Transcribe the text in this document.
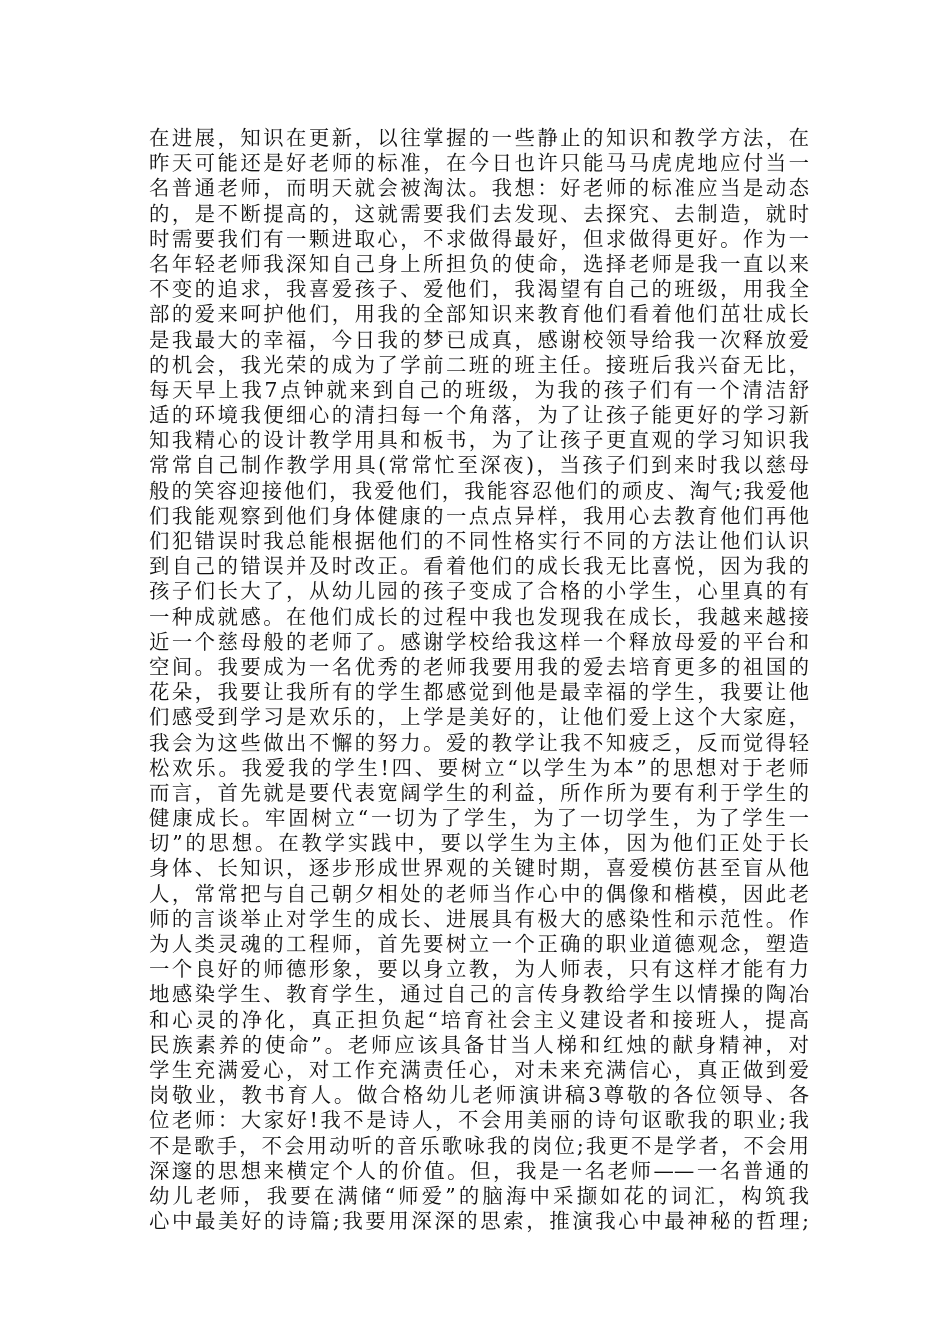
在进展，知识在更新，以往掌握的一些静止的知识和教学方法，在
昨天可能还是好老师的标准，在今日也许只能马马虎虎地应付当一
名普通老师，而明天就会被淘汰。我想：好老师的标准应当是动态
的，是不断提高的，这就需要我们去发现、去探究、去制造，就时
时需要我们有一颗进取心，不求做得最好，但求做得更好。作为一
名年轻老师我深知自己身上所担负的使命，选择老师是我一直以来
不变的追求，我喜爱孩子、爱他们，我渴望有自己的班级，用我全
部的爱来呵护他们，用我的全部知识来教育他们看着他们茁壮成长
是我最大的幸福，今日我的梦已成真，感谢校领导给我一次释放爱
的机会，我光荣的成为了学前二班的班主任。接班后我兴奋无比，
每天早上我7点钟就来到自己的班级，为我的孩子们有一个清洁舒
适的环境我便细心的清扫每一个角落，为了让孩子能更好的学习新
知我精心的设计教学用具和板书，为了让孩子更直观的学习知识我
常常自己制作教学用具(常常忙至深夜)，当孩子们到来时我以慈母
般的笑容迎接他们，我爱他们，我能容忍他们的顽皮、淘气;我爱他
们我能观察到他们身体健康的一点点异样，我用心去教育他们再他
们犯错误时我总能根据他们的不同性格实行不同的方法让他们认识
到自己的错误并及时改正。看着他们的成长我无比喜悦，因为我的
孩子们长大了，从幼儿园的孩子变成了合格的小学生，心里真的有
一种成就感。在他们成长的过程中我也发现我在成长，我越来越接
近一个慈母般的老师了。感谢学校给我这样一个释放母爱的平台和
空间。我要成为一名优秀的老师我要用我的爱去培育更多的祖国的
花朵，我要让我所有的学生都感觉到他是最幸福的学生，我要让他
们感受到学习是欢乐的，上学是美好的，让他们爱上这个大家庭，
我会为这些做出不懈的努力。爱的教学让我不知疲乏，反而觉得轻
松欢乐。我爱我的学生!四、要树立“以学生为本”的思想对于老师
而言，首先就是要代表宽阔学生的利益，所作所为要有利于学生的
健康成长。牢固树立“一切为了学生，为了一切学生，为了学生一
切”的思想。在教学实践中，要以学生为主体，因为他们正处于长
身体、长知识，逐步形成世界观的关键时期，喜爱模仿甚至盲从他
人，常常把与自己朝夕相处的老师当作心中的偶像和楷模，因此老
师的言谈举止对学生的成长、进展具有极大的感染性和示范性。作
为人类灵魂的工程师，首先要树立一个正确的职业道德观念，塑造
一个良好的师德形象，要以身立教，为人师表，只有这样才能有力
地感染学生、教育学生，通过自己的言传身教给学生以情操的陶冶
和心灵的净化，真正担负起“培育社会主义建设者和接班人，提高
民族素养的使命”。老师应该具备甘当人梯和红烛的献身精神，对
学生充满爱心，对工作充满责任心，对未来充满信心，真正做到爱
岗敬业，教书育人。做合格幼儿老师演讲稿3尊敬的各位领导、各
位老师：大家好!我不是诗人，不会用美丽的诗句讴歌我的职业;我
不是歌手，不会用动听的音乐歌咏我的岗位;我更不是学者，不会用
深邃的思想来横定个人的价值。但，我是一名老师——一名普通的
幼儿老师，我要在满储“师爱”的脑海中采撷如花的词汇，构筑我
心中最美好的诗篇;我要用深深的思索，推演我心中最神秘的哲理;
